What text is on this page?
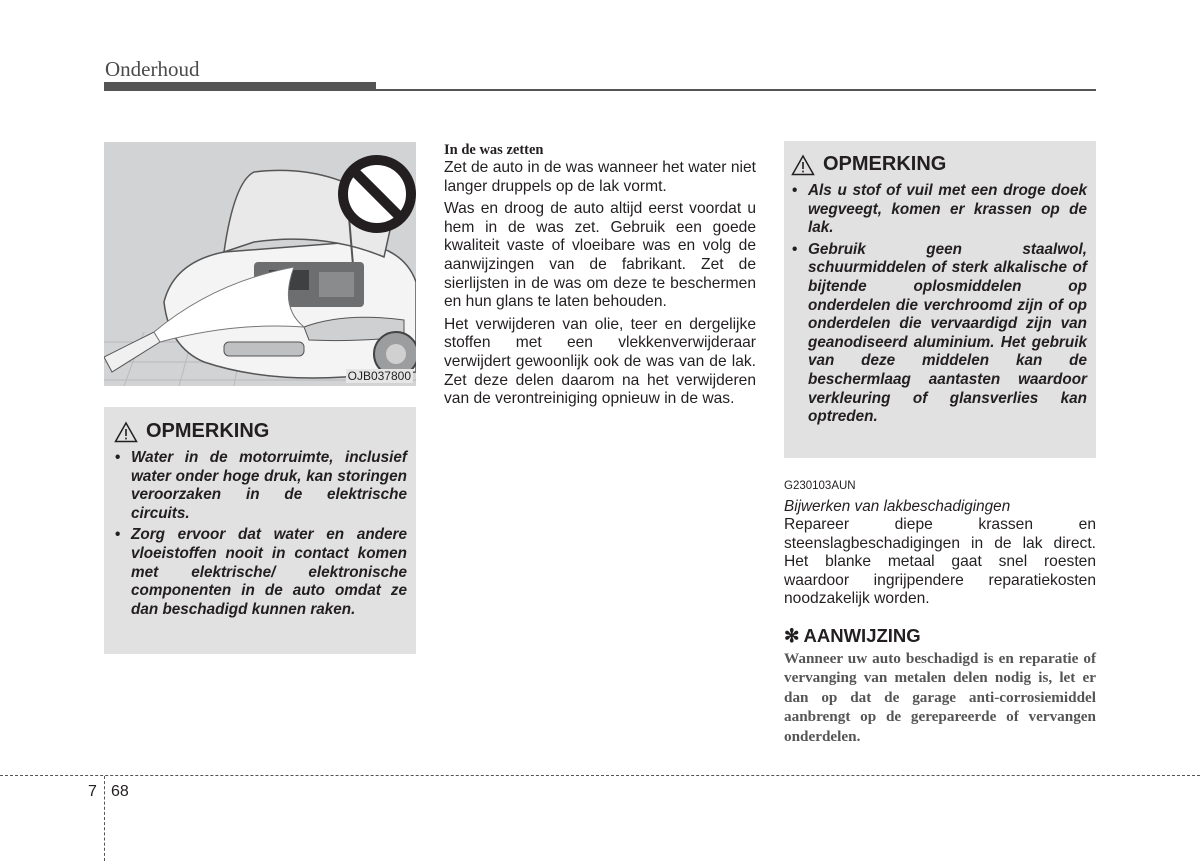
Onderhoud
OJB037800
OPMERKING
• Water in de motorruimte, inclusief water onder hoge druk, kan storingen veroorzaken in de elektrische circuits.
• Zorg ervoor dat water en andere vloeistoffen nooit in contact komen met elektrische/ elektronische componenten in de auto omdat ze dan beschadigd kunnen raken.
In de was zetten

Zet de auto in de was wanneer het water niet langer druppels op de lak vormt.

Was en droog de auto altijd eerst voordat u hem in de was zet. Gebruik een goede kwaliteit vaste of vloeibare was en volg de aanwijzingen van de fabrikant. Zet de sierlijsten in de was om deze te beschermen en hun glans te laten behouden.

Het verwijderen van olie, teer en dergelijke stoffen met een vlekkenverwijderaar verwijdert gewoonlijk ook de was van de lak. Zet deze delen daarom na het verwijderen van de verontreiniging opnieuw in de was.

OPMERKING
• Als u stof of vuil met een droge doek wegveegt, komen er krassen op de lak.
• Gebruik geen staalwol, schuurmiddelen of sterk alkalische of bijtende oplosmiddelen op onderdelen die verchroomd zijn of op onderdelen die vervaardigd zijn van geanodiseerd aluminium. Het gebruik van deze middelen kan de beschermlaag aantasten waardoor verkleuring of glansverlies kan optreden.
G230103AUN
Bijwerken van lakbeschadigingen

Repareer diepe krassen en steenslagbeschadigingen in de lak direct. Het blanke metaal gaat snel roesten waardoor ingrijpendere reparatiekosten noodzakelijk worden.

✻ AANWIJZING
Wanneer uw auto beschadigd is en reparatie of vervanging van metalen delen nodig is, let er dan op dat de garage anti-corrosiemiddel aanbrengt op de gerepareerde of vervangen onderdelen.
7 68
